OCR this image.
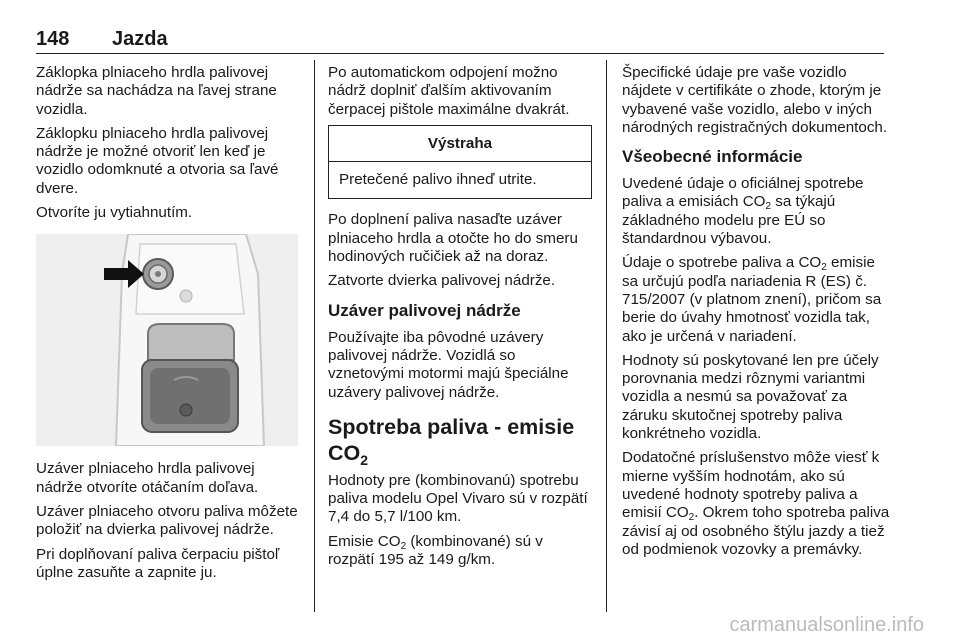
148 Jazda

Záklopka plniaceho hrdla palivovej nádrže sa nachádza na ľavej strane vozidla.

Záklopku plniaceho hrdla palivovej nádrže je možné otvoriť len keď je vozidlo odomknuté a otvoria sa ľavé dvere.

Otvoríte ju vytiahnutím.

Uzáver plniaceho hrdla palivovej nádrže otvoríte otáčaním doľava.

Uzáver plniaceho otvoru paliva môžete položiť na dvierka palivovej nádrže.

Pri doplňovaní paliva čerpaciu pištoľ úplne zasuňte a zapnite ju.

Po automatickom odpojení možno nádrž doplniť ďalším aktivovaním čerpacej pištole maximálne dvakrát.

Výstraha
Pretečené palivo ihneď utrite.

Po doplnení paliva nasaďte uzáver plniaceho hrdla a otočte ho do smeru hodinových ručičiek až na doraz.

Zatvorte dvierka palivovej nádrže.

Uzáver palivovej nádrže

Používajte iba pôvodné uzávery palivovej nádrže. Vozidlá so vznetovými motormi majú špeciálne uzávery palivovej nádrže.

Spotreba paliva - emisie $CO_2$

Hodnoty pre (kombinovanú) spotrebu paliva modelu Opel Vivaro sú v rozpätí 7,4 do 5,7 l/100 km.

Emisie $CO_2$ (kombinované) sú v rozpätí 195 až 149 g/km.

Špecifické údaje pre vaše vozidlo nájdete v certifikáte o zhode, ktorým je vybavené vaše vozidlo, alebo v iných národných registračných dokumentoch.

Všeobecné informácie

Uvedené údaje o oficiálnej spotrebe paliva a emisiách $CO_2$ sa týkajú základného modelu pre EÚ so štandardnou výbavou.

Údaje o spotrebe paliva a $CO_2$ emisie sa určujú podľa nariadenia R (ES) č. 715/2007 (v platnom znení), pričom sa berie do úvahy hmotnosť vozidla tak, ako je určená v nariadení.

Hodnoty sú poskytované len pre účely porovnania medzi rôznymi variantmi vozidla a nesmú sa považovať za záruku skutočnej spotreby paliva konkrétneho vozidla.

Dodatočné príslušenstvo môže viesť k mierne vyšším hodnotám, ako sú uvedené hodnoty spotreby paliva a emisií $CO_2$. Okrem toho spotreba paliva závisí aj od osobného štýlu jazdy a tiež od podmienok vozovky a premávky.

carmanualsonline.info
